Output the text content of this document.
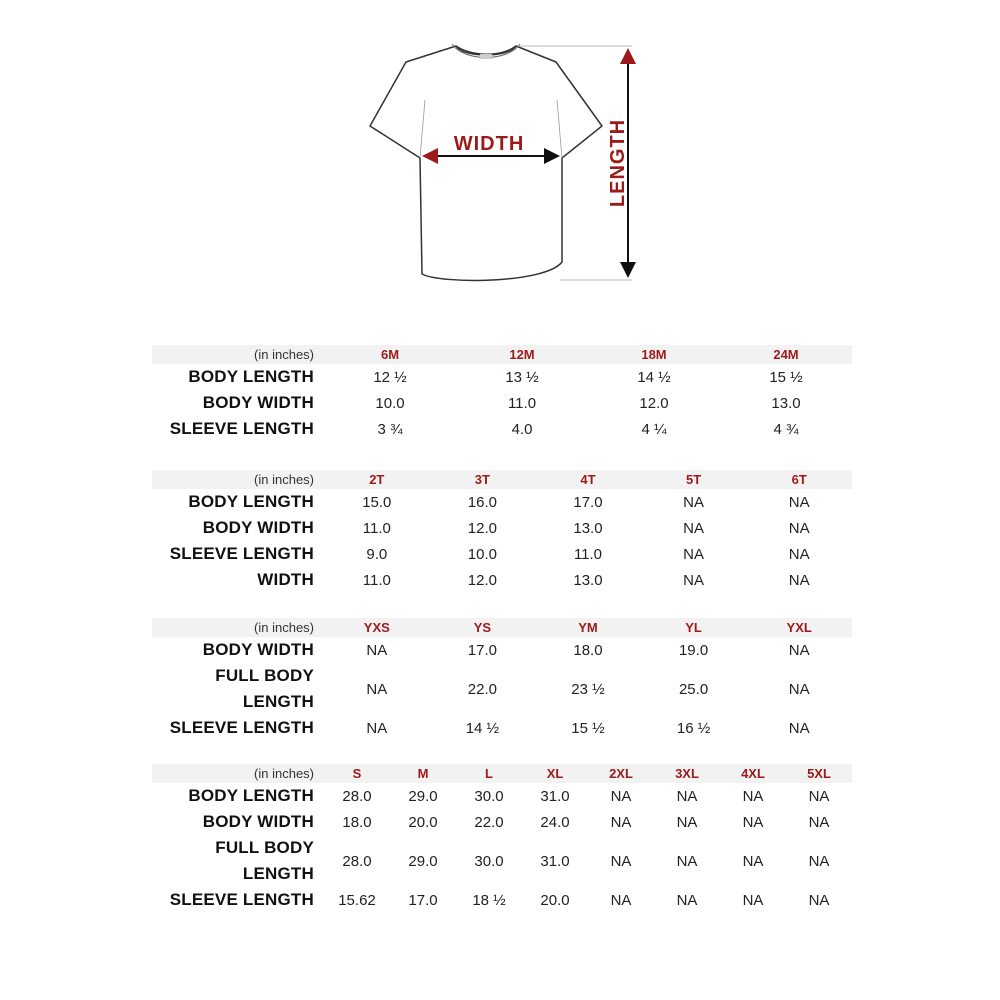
WIDTH	LENGTH
(in inches)	6M	12M	18M	24M
BODY LENGTH	12 ½	13 ½	14 ½	15 ½
BODY WIDTH	10.0	11.0	12.0	13.0
SLEEVE LENGTH	3 ¾	4.0	4 ¼	4 ¾
(in inches)	2T	3T	4T	5T	6T
BODY LENGTH	15.0	16.0	17.0	NA	NA
BODY WIDTH	11.0	12.0	13.0	NA	NA
SLEEVE LENGTH	9.0	10.0	11.0	NA	NA
WIDTH	11.0	12.0	13.0	NA	NA
(in inches)	YXS	YS	YM	YL	YXL
BODY WIDTH	NA	17.0	18.0	19.0	NA
FULL BODY
LENGTH	NA	22.0	23 ½	25.0	NA
SLEEVE LENGTH	NA	14 ½	15 ½	16 ½	NA
(in inches)	S	M	L	XL	2XL	3XL	4XL	5XL
BODY LENGTH	28.0	29.0	30.0	31.0	NA	NA	NA	NA
BODY WIDTH	18.0	20.0	22.0	24.0	NA	NA	NA	NA
FULL BODY
LENGTH	28.0	29.0	30.0	31.0	NA	NA	NA	NA
SLEEVE LENGTH	15.62	17.0	18 ½	20.0	NA	NA	NA	NA
